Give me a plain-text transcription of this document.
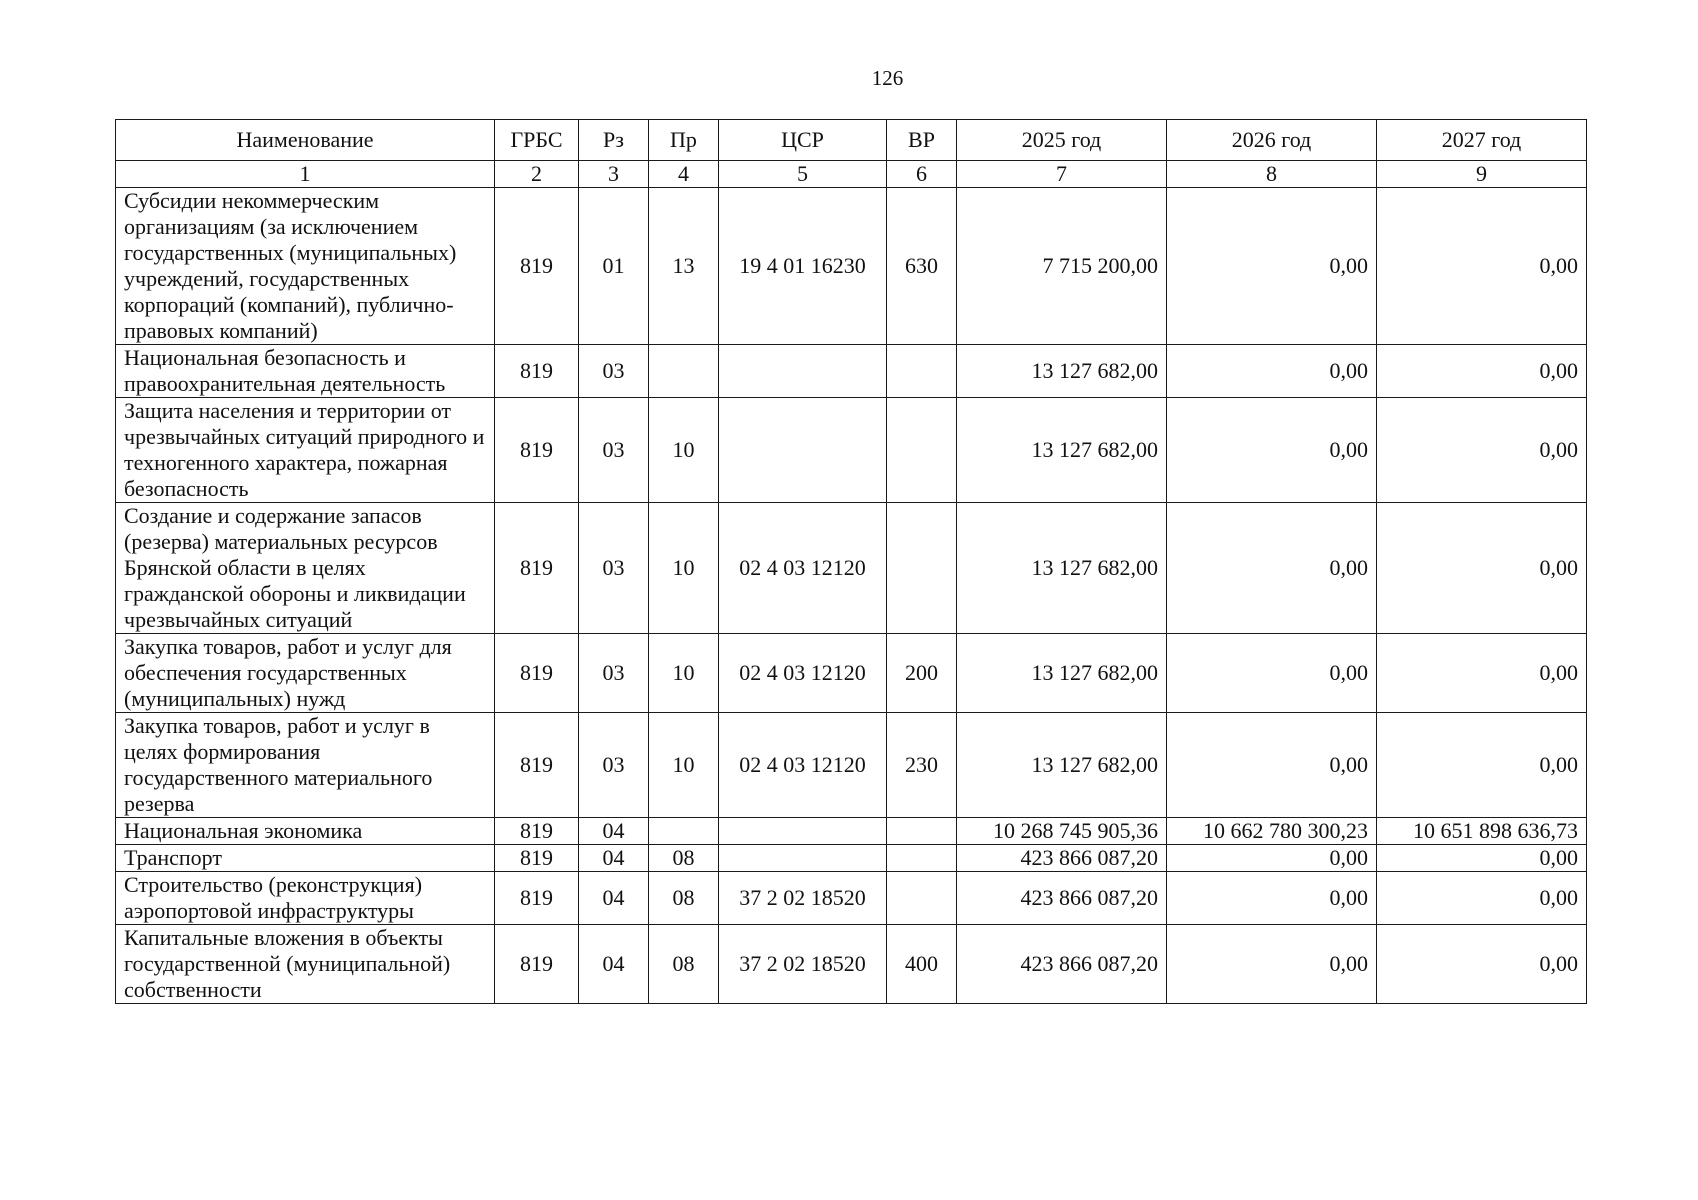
126
Наименование	ГРБС	Рз	Пр	ЦСР	ВР	2025 год	2026 год	2027 год
1	2	3	4	5	6	7	8	9
Субсидии некоммерческим организациям (за исключением государственных (муниципальных) учреждений, государственных корпораций (компаний), публично-правовых компаний)	819	01	13	19 4 01 16230	630	7 715 200,00	0,00	0,00
Национальная безопасность и правоохранительная деятельность	819	03				13 127 682,00	0,00	0,00
Защита населения и территории от чрезвычайных ситуаций природного и техногенного характера, пожарная безопасность	819	03	10			13 127 682,00	0,00	0,00
Создание и содержание запасов (резерва) материальных ресурсов Брянской области в целях гражданской обороны и ликвидации чрезвычайных ситуаций	819	03	10	02 4 03 12120		13 127 682,00	0,00	0,00
Закупка товаров, работ и услуг для обеспечения государственных (муниципальных) нужд	819	03	10	02 4 03 12120	200	13 127 682,00	0,00	0,00
Закупка товаров, работ и услуг в целях формирования государственного материального резерва	819	03	10	02 4 03 12120	230	13 127 682,00	0,00	0,00
Национальная экономика	819	04				10 268 745 905,36	10 662 780 300,23	10 651 898 636,73
Транспорт	819	04	08			423 866 087,20	0,00	0,00
Строительство (реконструкция) аэропортовой инфраструктуры	819	04	08	37 2 02 18520		423 866 087,20	0,00	0,00
Капитальные вложения в объекты государственной (муниципальной) собственности	819	04	08	37 2 02 18520	400	423 866 087,20	0,00	0,00
